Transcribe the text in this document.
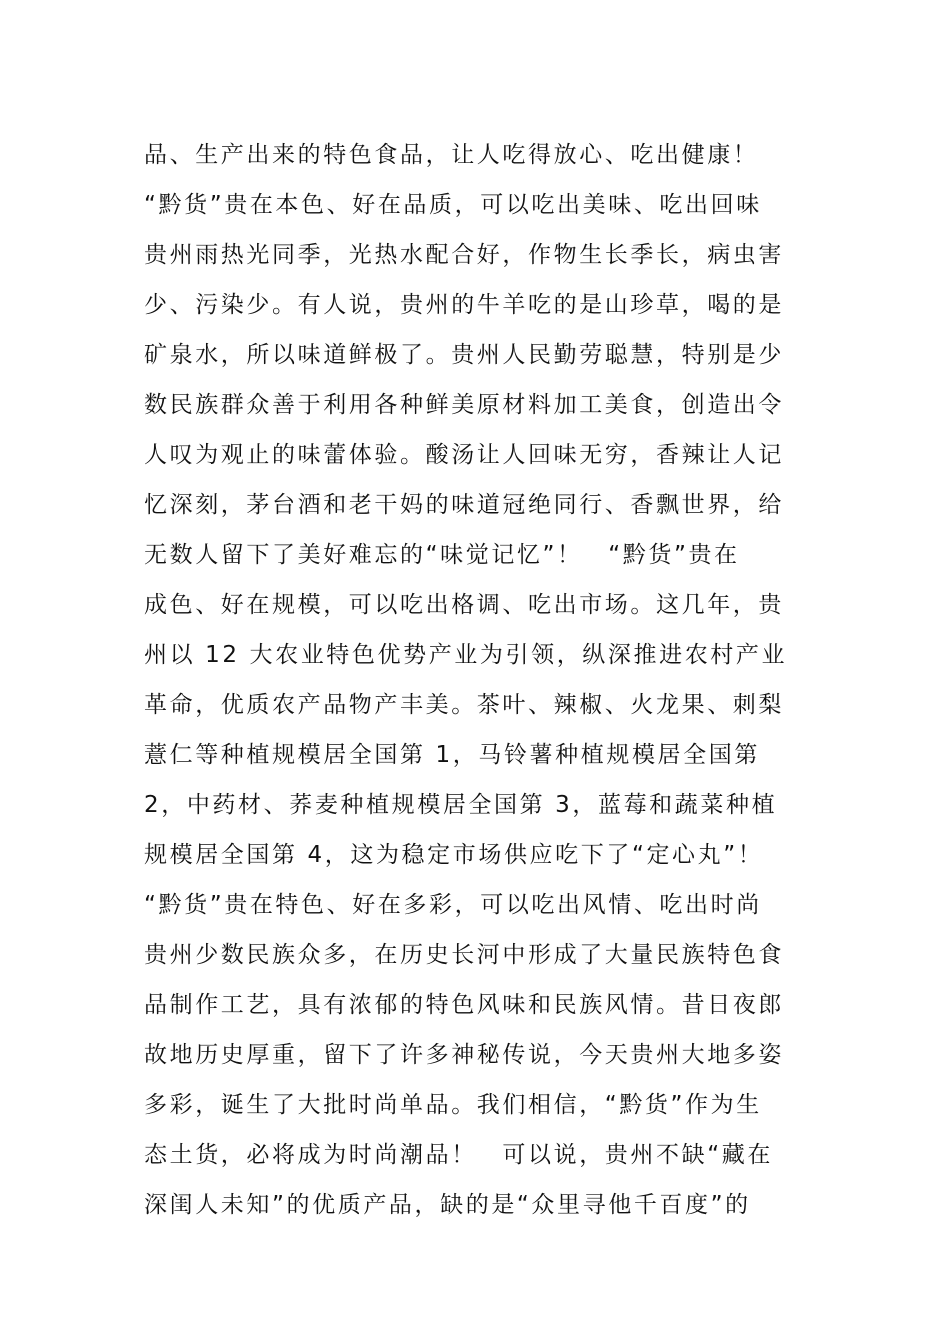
品、生产出来的特色食品，让人吃得放心、吃出健康！
“黔货”贵在本色、好在品质，可以吃出美味、吃出回味
贵州雨热光同季，光热水配合好，作物生长季长，病虫害
少、污染少。有人说，贵州的牛羊吃的是山珍草，喝的是
矿泉水，所以味道鲜极了。贵州人民勤劳聪慧，特别是少
数民族群众善于利用各种鲜美原材料加工美食，创造出令
人叹为观止的味蕾体验。酸汤让人回味无穷，香辣让人记
忆深刻，茅台酒和老干妈的味道冠绝同行、香飘世界，给
无数人留下了美好难忘的“味觉记忆”！　“黔货”贵在
成色、好在规模，可以吃出格调、吃出市场。这几年，贵
州以 12 大农业特色优势产业为引领，纵深推进农村产业
革命，优质农产品物产丰美。茶叶、辣椒、火龙果、刺梨
薏仁等种植规模居全国第 1，马铃薯种植规模居全国第
2，中药材、荞麦种植规模居全国第 3，蓝莓和蔬菜种植
规模居全国第 4，这为稳定市场供应吃下了“定心丸”！
“黔货”贵在特色、好在多彩，可以吃出风情、吃出时尚
贵州少数民族众多，在历史长河中形成了大量民族特色食
品制作工艺，具有浓郁的特色风味和民族风情。昔日夜郎
故地历史厚重，留下了许多神秘传说，今天贵州大地多姿
多彩，诞生了大批时尚单品。我们相信，“黔货”作为生
态土货，必将成为时尚潮品！　可以说，贵州不缺“藏在
深闺人未知”的优质产品，缺的是“众里寻他千百度”的
